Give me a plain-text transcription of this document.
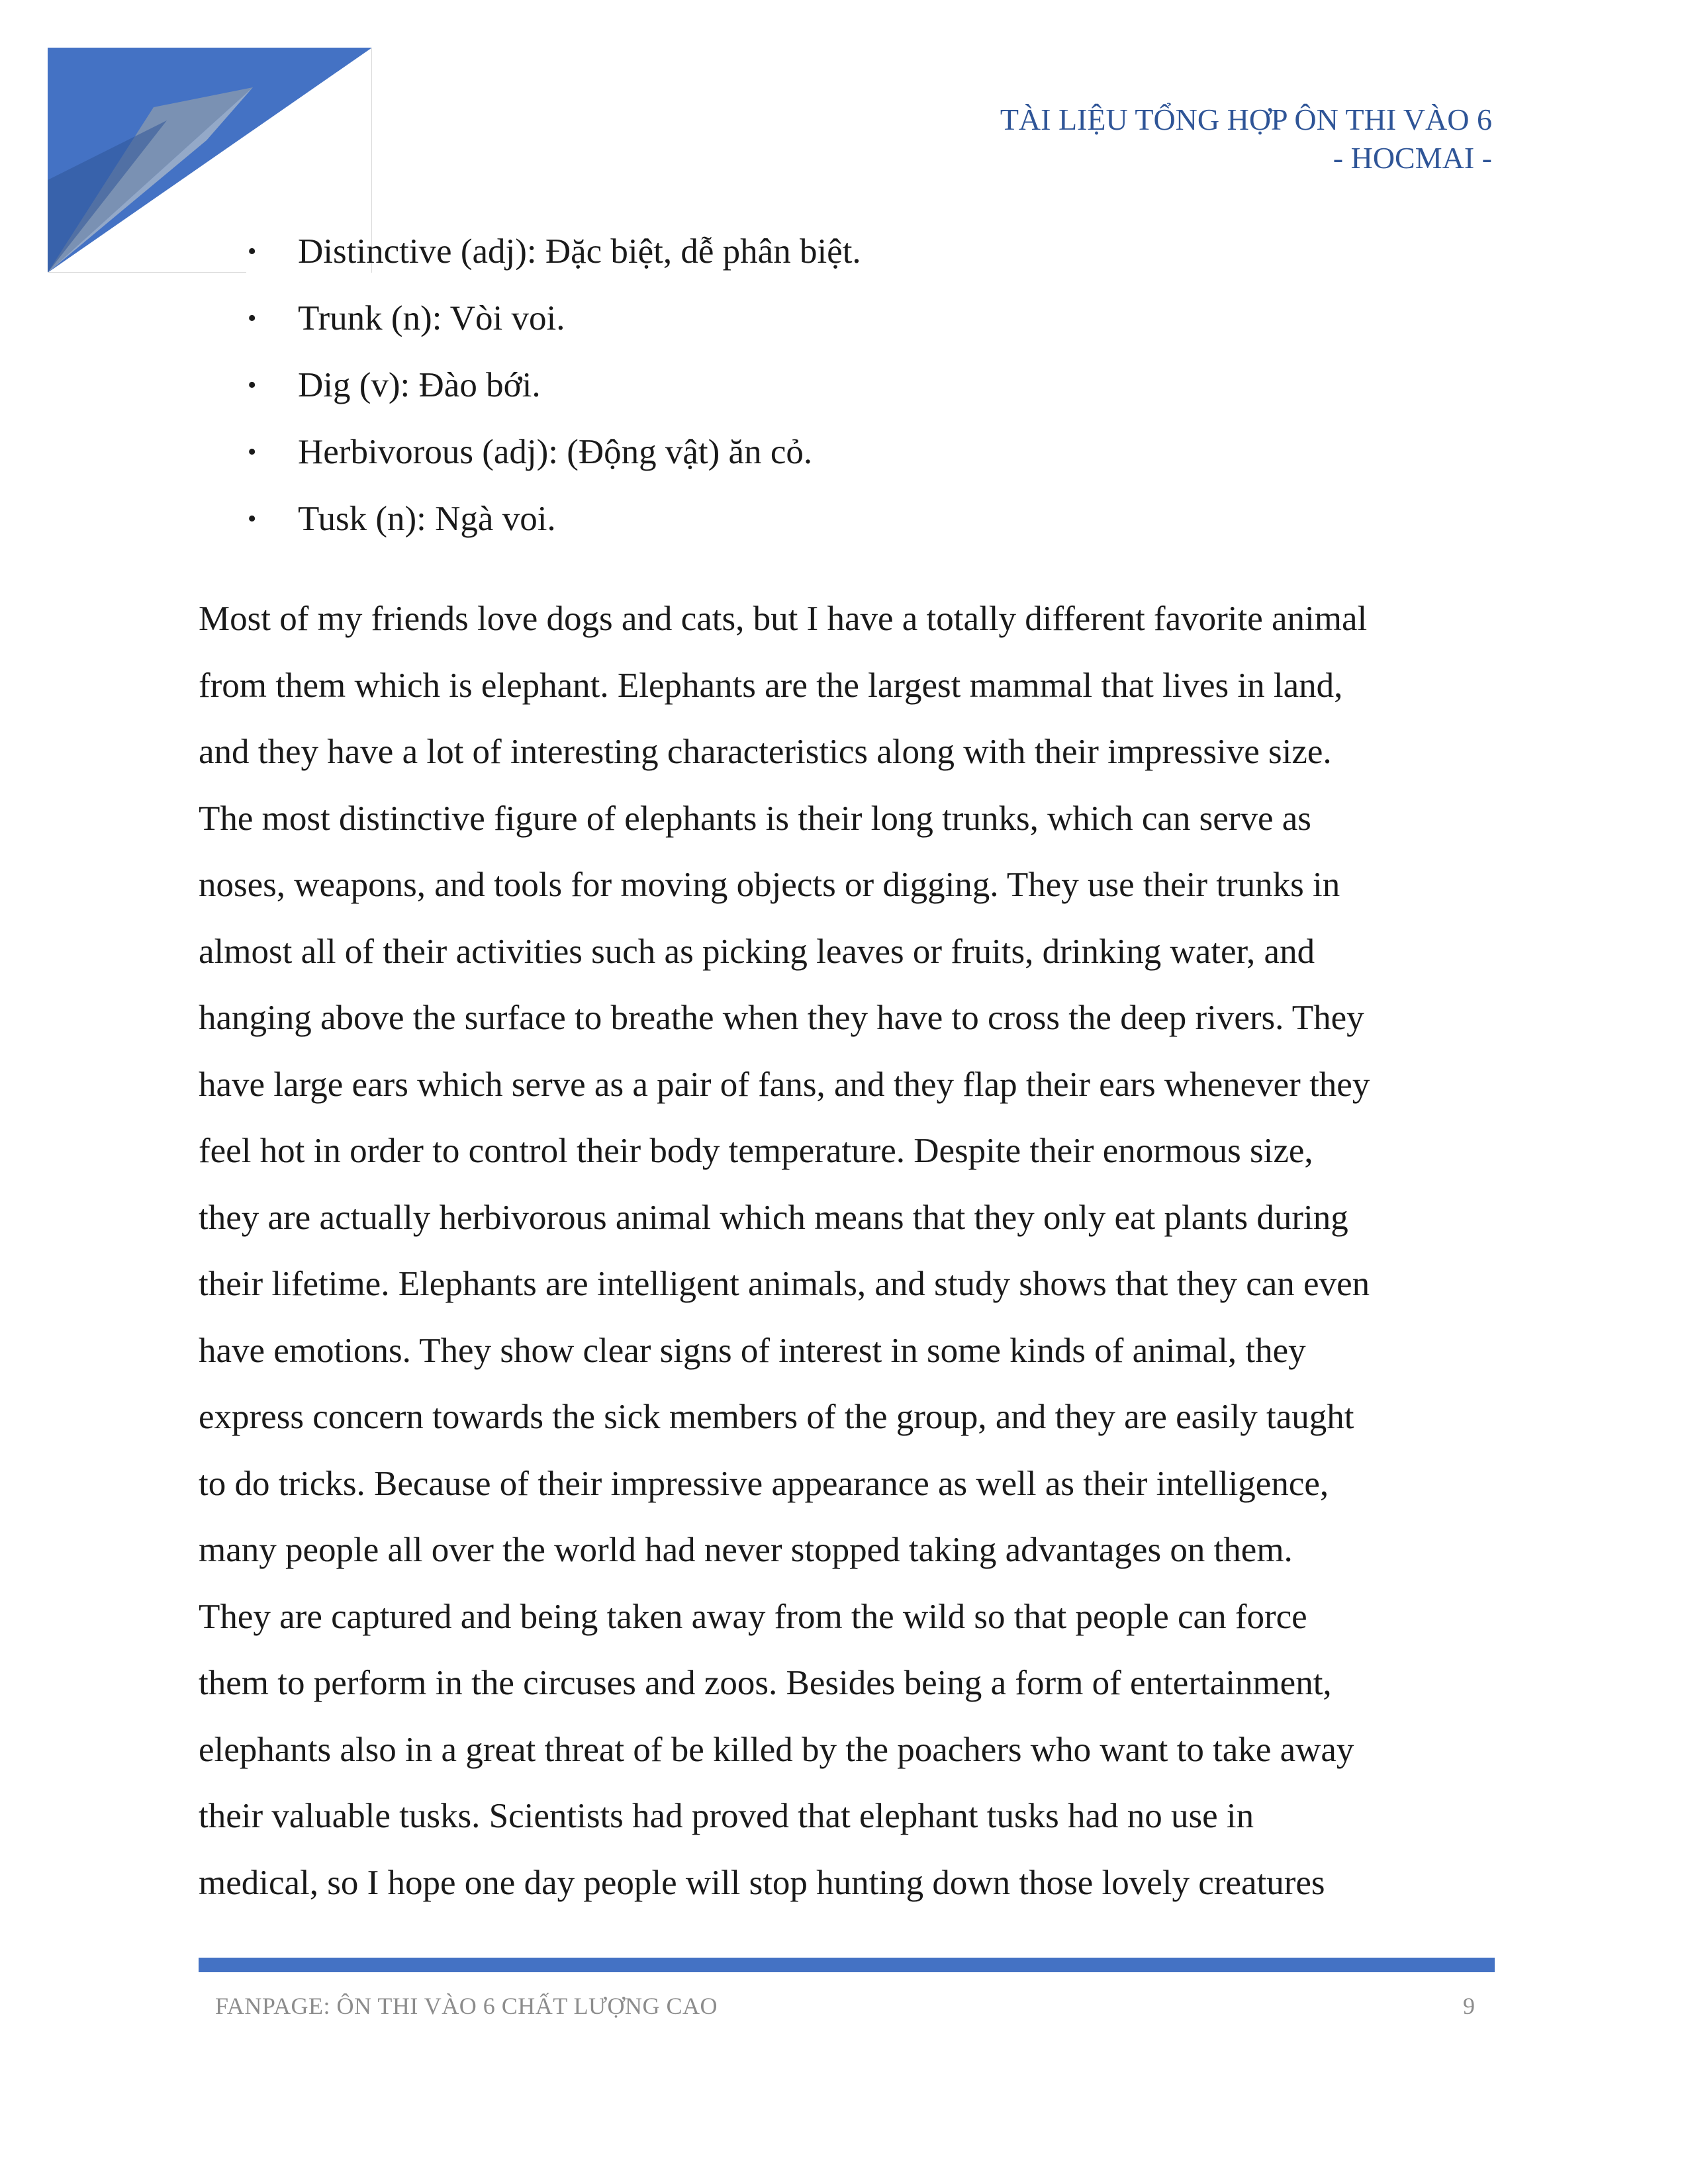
TÀI LIỆU TỔNG HỢP ÔN THI VÀO 6
- HOCMAI -
• Distinctive (adj): Đặc biệt, dễ phân biệt.
• Trunk (n): Vòi voi.
• Dig (v): Đào bới.
• Herbivorous (adj): (Động vật) ăn cỏ.
• Tusk (n): Ngà voi.
Most of my friends love dogs and cats, but I have a totally different favorite animal
from them which is elephant. Elephants are the largest mammal that lives in land,
and they have a lot of interesting characteristics along with their impressive size.
The most distinctive figure of elephants is their long trunks, which can serve as
noses, weapons, and tools for moving objects or digging. They use their trunks in
almost all of their activities such as picking leaves or fruits, drinking water, and
hanging above the surface to breathe when they have to cross the deep rivers. They
have large ears which serve as a pair of fans, and they flap their ears whenever they
feel hot in order to control their body temperature. Despite their enormous size,
they are actually herbivorous animal which means that they only eat plants during
their lifetime. Elephants are intelligent animals, and study shows that they can even
have emotions. They show clear signs of interest in some kinds of animal, they
express concern towards the sick members of the group, and they are easily taught
to do tricks. Because of their impressive appearance as well as their intelligence,
many people all over the world had never stopped taking advantages on them.
They are captured and being taken away from the wild so that people can force
them to perform in the circuses and zoos. Besides being a form of entertainment,
elephants also in a great threat of be killed by the poachers who want to take away
their valuable tusks. Scientists had proved that elephant tusks had no use in
medical, so I hope one day people will stop hunting down those lovely creatures
FANPAGE: ÔN THI VÀO 6 CHẤT LƯỢNG CAO	9
